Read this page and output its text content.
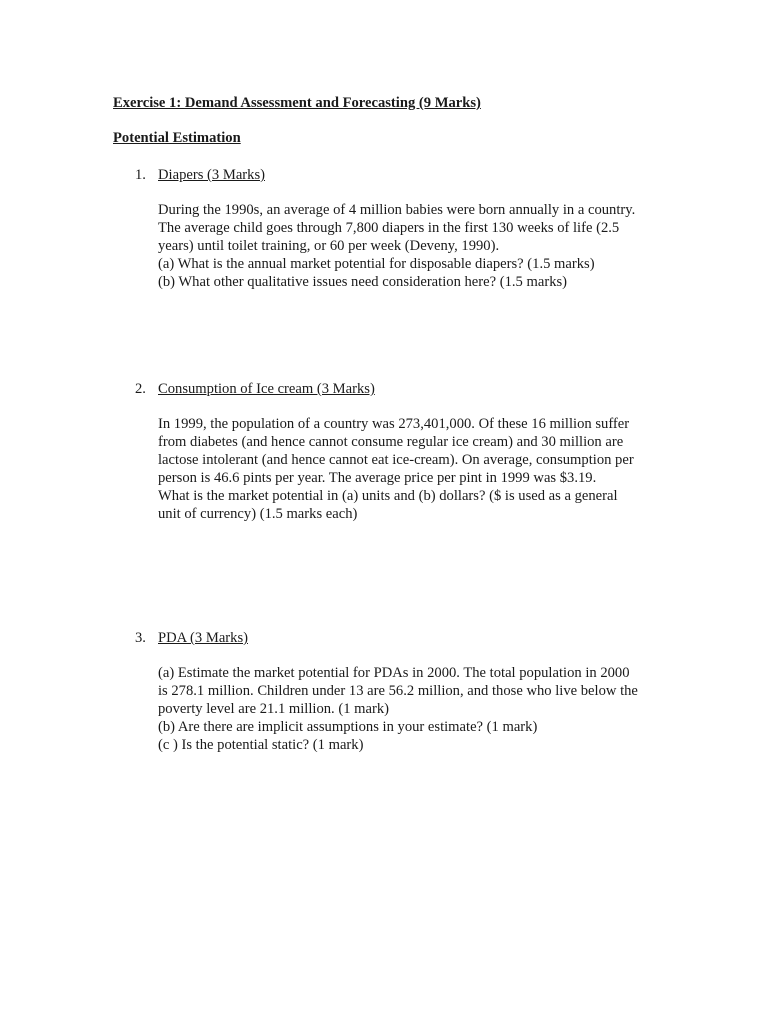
Exercise 1: Demand Assessment and Forecasting (9 Marks)
Potential Estimation
1. Diapers (3 Marks)
During the 1990s, an average of 4 million babies were born annually in a country.
The average child goes through 7,800 diapers in the first 130 weeks of life (2.5
years) until toilet training, or 60 per week (Deveny, 1990).
(a) What is the annual market potential for disposable diapers? (1.5 marks)
(b) What other qualitative issues need consideration here? (1.5 marks)
2. Consumption of Ice cream (3 Marks)
In 1999, the population of a country was 273,401,000. Of these 16 million suffer
from diabetes (and hence cannot consume regular ice cream) and 30 million are
lactose intolerant (and hence cannot eat ice-cream). On average, consumption per
person is 46.6 pints per year. The average price per pint in 1999 was $3.19.
What is the market potential in (a) units and (b) dollars? ($ is used as a general
unit of currency) (1.5 marks each)
3. PDA (3 Marks)
(a) Estimate the market potential for PDAs in 2000. The total population in 2000
is 278.1 million. Children under 13 are 56.2 million, and those who live below the
poverty level are 21.1 million. (1 mark)
(b) Are there are implicit assumptions in your estimate? (1 mark)
(c ) Is the potential static? (1 mark)
